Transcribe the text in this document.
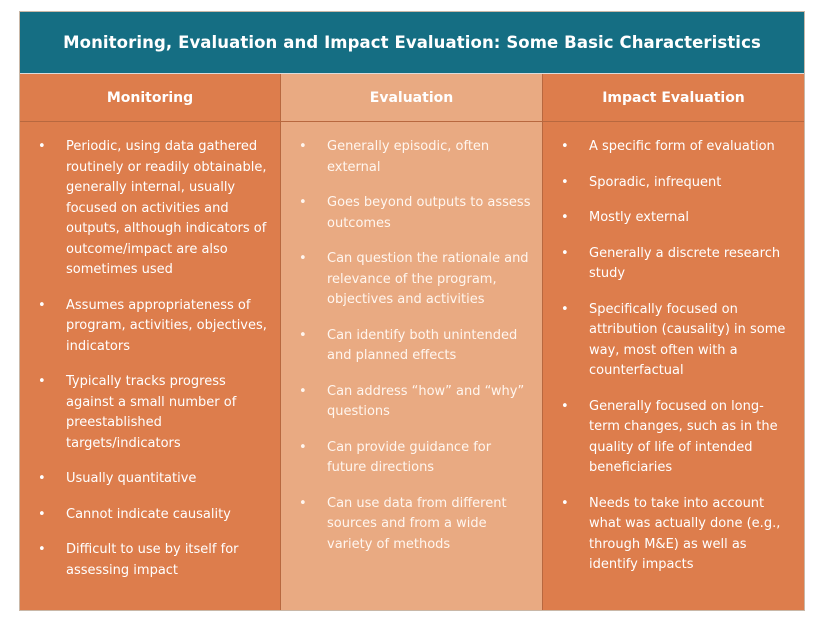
Monitoring, Evaluation and Impact Evaluation: Some Basic Characteristics
Monitoring
• Periodic, using data gathered routinely or readily obtainable, generally internal, usually focused on activities and outputs, although indicators of outcome/impact are also sometimes used
• Assumes appropriateness of program, activities, objectives, indicators
• Typically tracks progress against a small number of preestablished targets/indicators
• Usually quantitative
• Cannot indicate causality
• Difficult to use by itself for assessing impact
Evaluation
• Generally episodic, often external
• Goes beyond outputs to assess outcomes
• Can question the rationale and relevance of the program, objectives and activities
• Can identify both unintended and planned effects
• Can address “how” and “why” questions
• Can provide guidance for future directions
• Can use data from different sources and from a wide variety of methods
Impact Evaluation
• A specific form of evaluation
• Sporadic, infrequent
• Mostly external
• Generally a discrete research study
• Specifically focused on attribution (causality) in some way, most often with a counterfactual
• Generally focused on long-term changes, such as in the quality of life of intended beneficiaries
• Needs to take into account what was actually done (e.g., through M&E) as well as identify impacts
